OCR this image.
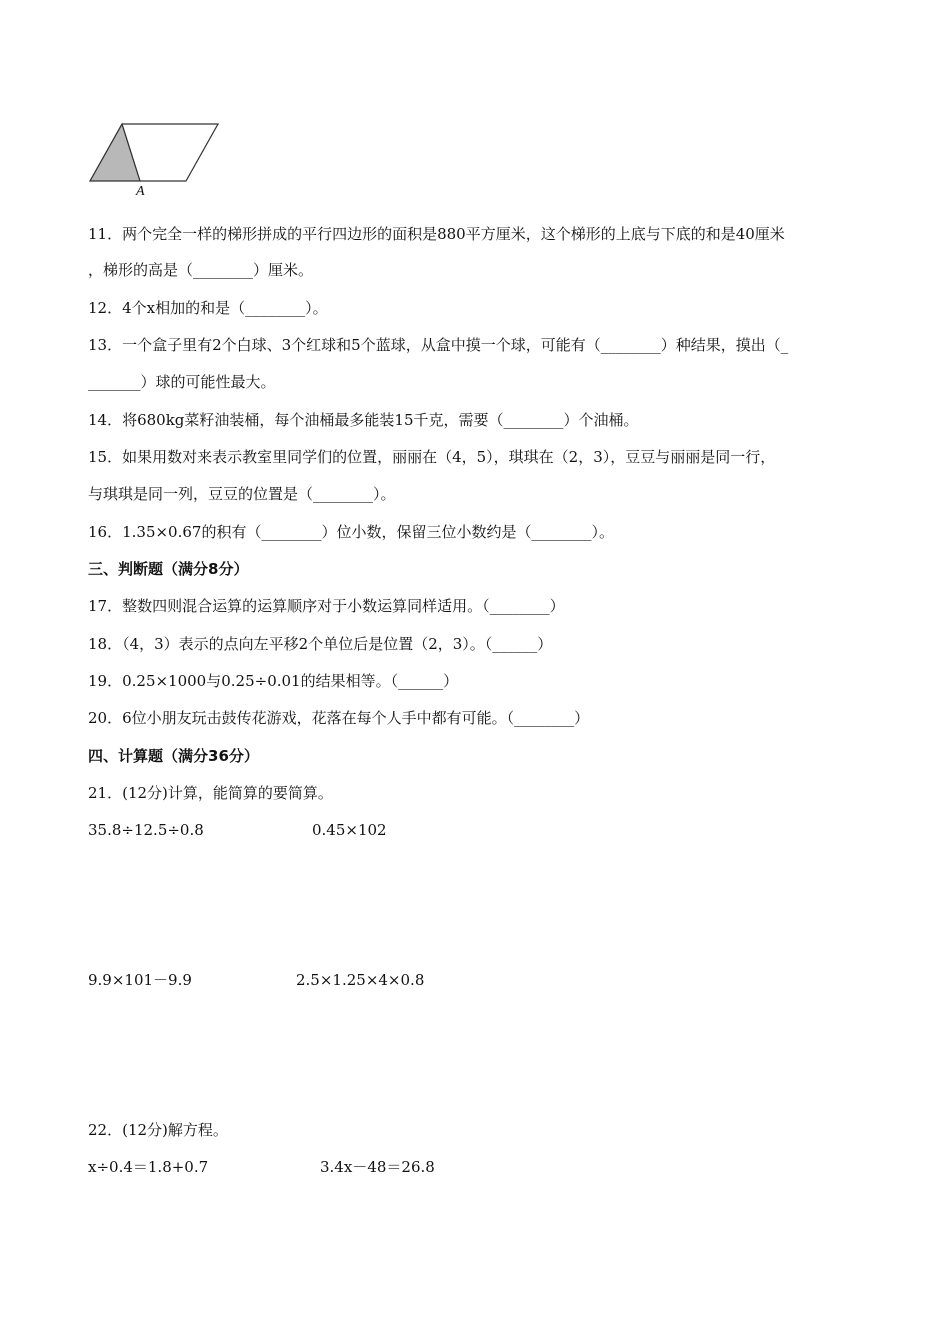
A
11．两个完全一样的梯形拼成的平行四边形的面积是880平方厘米，这个梯形的上底与下底的和是40厘米
，梯形的高是（________）厘米。
12．4个x相加的和是（________）。
13．一个盒子里有2个白球、3个红球和5个蓝球，从盒中摸一个球，可能有（________）种结果，摸出（_
_______）球的可能性最大。
14．将680kg菜籽油装桶，每个油桶最多能装15千克，需要（________）个油桶。
15．如果用数对来表示教室里同学们的位置，丽丽在（4，5），琪琪在（2，3），豆豆与丽丽是同一行，
与琪琪是同一列，豆豆的位置是（________）。
16．1.35×0.67的积有（________）位小数，保留三位小数约是（________）。
三、判断题（满分8分）
17．整数四则混合运算的运算顺序对于小数运算同样适用。（________）
18．（4，3）表示的点向左平移2个单位后是位置（2，3）。（______）
19．0.25×1000与0.25÷0.01的结果相等。（______）
20．6位小朋友玩击鼓传花游戏，花落在每个人手中都有可能。（________）
四、计算题（满分36分）
21．(12分)计算，能简算的要简算。
35.8÷12.5÷0.8	0.45×102
9.9×101－9.9	2.5×1.25×4×0.8
22．(12分)解方程。
x÷0.4＝1.8+0.7	3.4x－48＝26.8
